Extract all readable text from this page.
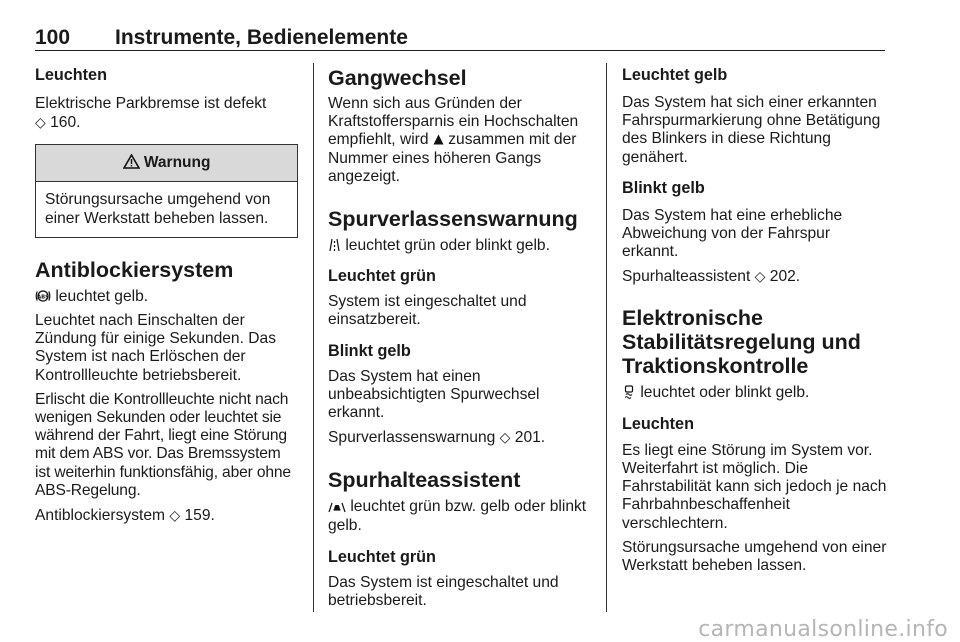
100 Instrumente, Bedienelemente
Leuchten

Elektrische Parkbremse ist defekt
◇ 160.

Warnung

Störungsursache umgehend von einer Werkstatt beheben lassen.

Antiblockiersystem

ABS leuchtet gelb.

Leuchtet nach Einschalten der Zündung für einige Sekunden. Das System ist nach Erlöschen der Kontrollleuchte betriebsbereit.

Erlischt die Kontrollleuchte nicht nach wenigen Sekunden oder leuchtet sie während der Fahrt, liegt eine Störung mit dem ABS vor. Das Bremssystem ist weiterhin funktionsfähig, aber ohne ABS-Regelung.

Antiblockiersystem ◇ 159.

Gangwechsel

Wenn sich aus Gründen der Kraftstoffersparnis ein Hochschalten empfiehlt, wird zusammen mit der Nummer eines höheren Gangs angezeigt.

Spurverlassenswarnung

leuchtet grün oder blinkt gelb.

Leuchtet grün

System ist eingeschaltet und einsatzbereit.

Blinkt gelb

Das System hat einen unbeabsichtigten Spurwechsel erkannt.

Spurverlassenswarnung ◇ 201.

Spurhalteassistent

leuchtet grün bzw. gelb oder blinkt gelb.

Leuchtet grün

Das System ist eingeschaltet und betriebsbereit.

Leuchtet gelb

Das System hat sich einer erkannten Fahrspurmarkierung ohne Betätigung des Blinkers in diese Richtung genähert.

Blinkt gelb

Das System hat eine erhebliche Abweichung von der Fahrspur erkannt.

Spurhalteassistent ◇ 202.

Elektronische
Stabilitätsregelung und
Traktionskontrolle

leuchtet oder blinkt gelb.

Leuchten

Es liegt eine Störung im System vor. Weiterfahrt ist möglich. Die Fahrstabilität kann sich jedoch je nach Fahrbahnbeschaffenheit verschlechtern.

Störungsursache umgehend von einer Werkstatt beheben lassen.

carmanualsonline.info
